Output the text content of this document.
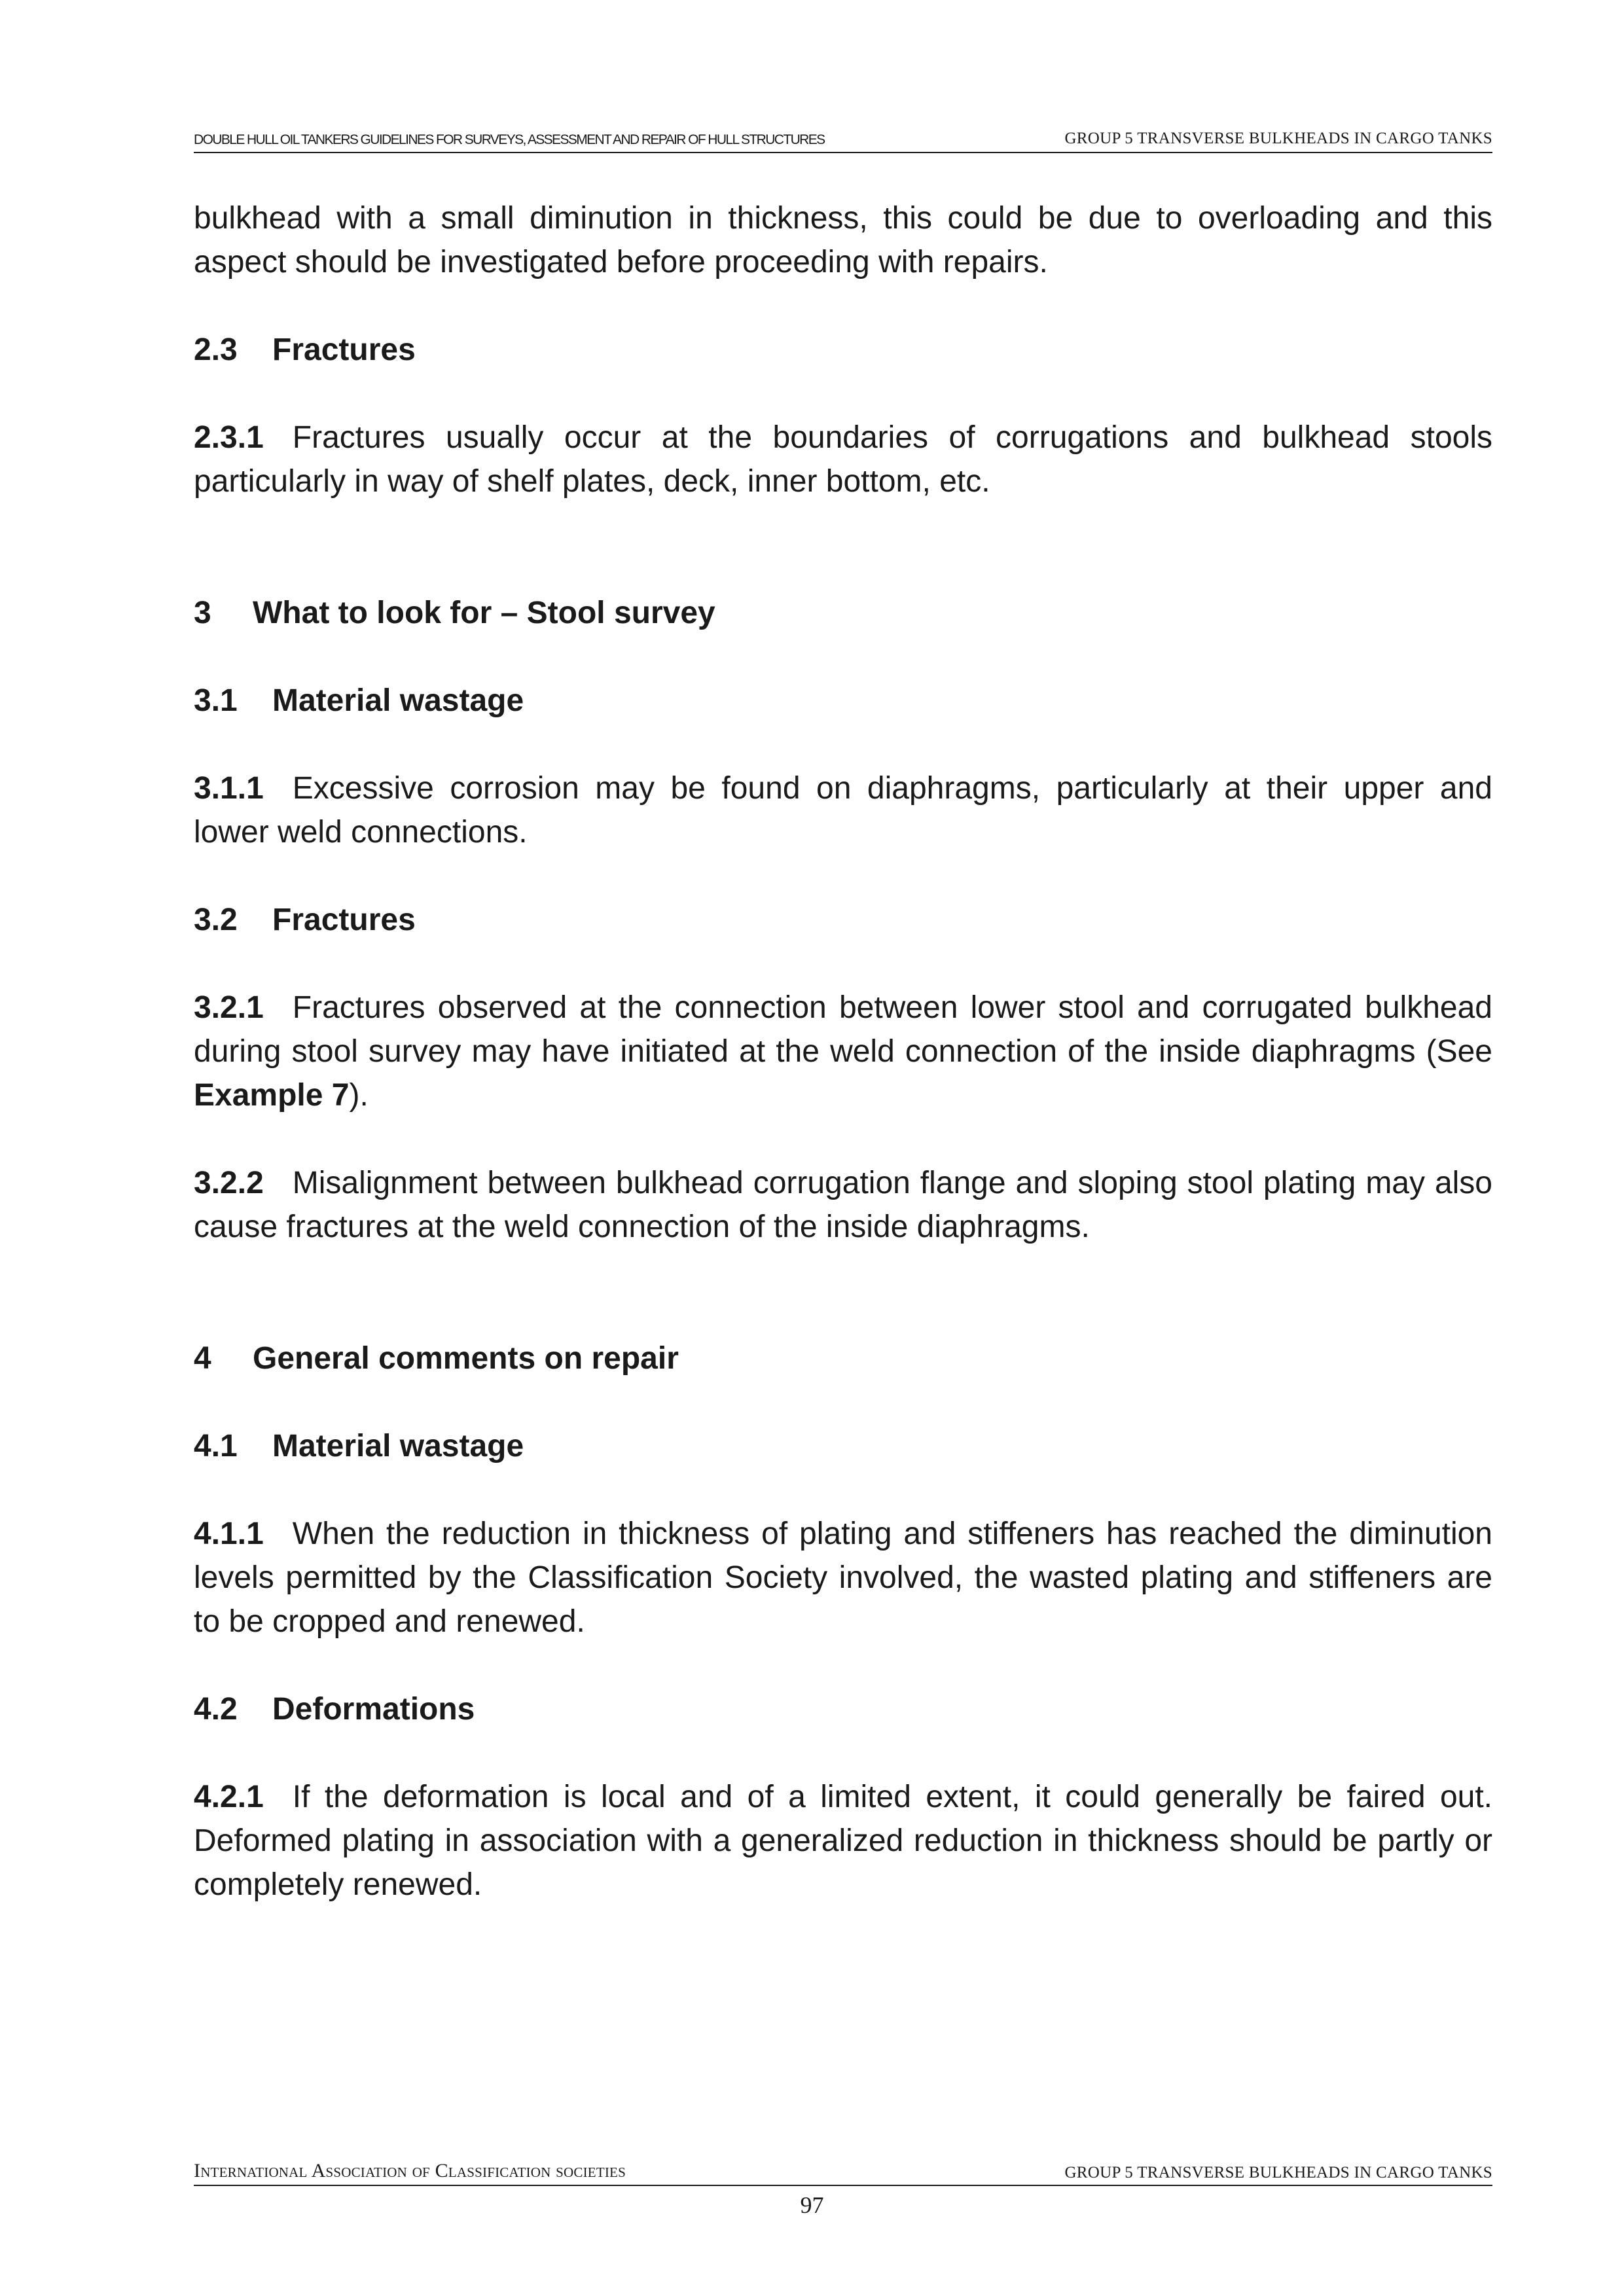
DOUBLE HULL OIL TANKERS GUIDELINES FOR SURVEYS, ASSESSMENT AND REPAIR OF HULL STRUCTURES	GROUP 5 TRANSVERSE BULKHEADS IN CARGO TANKS

bulkhead with a small diminution in thickness, this could be due to overloading and this aspect should be investigated before proceeding with repairs.

2.3 Fractures

2.3.1 Fractures usually occur at the boundaries of corrugations and bulkhead stools particularly in way of shelf plates, deck, inner bottom, etc.

3 What to look for – Stool survey

3.1 Material wastage

3.1.1 Excessive corrosion may be found on diaphragms, particularly at their upper and lower weld connections.

3.2 Fractures

3.2.1 Fractures observed at the connection between lower stool and corrugated bulkhead during stool survey may have initiated at the weld connection of the inside diaphragms (See Example 7).

3.2.2 Misalignment between bulkhead corrugation flange and sloping stool plating may also cause fractures at the weld connection of the inside diaphragms.

4 General comments on repair

4.1 Material wastage

4.1.1 When the reduction in thickness of plating and stiffeners has reached the diminution levels permitted by the Classification Society involved, the wasted plating and stiffeners are to be cropped and renewed.

4.2 Deformations

4.2.1 If the deformation is local and of a limited extent, it could generally be faired out. Deformed plating in association with a generalized reduction in thickness should be partly or completely renewed.

International Association of Classification societies	GROUP 5 TRANSVERSE BULKHEADS IN CARGO TANKS
97
